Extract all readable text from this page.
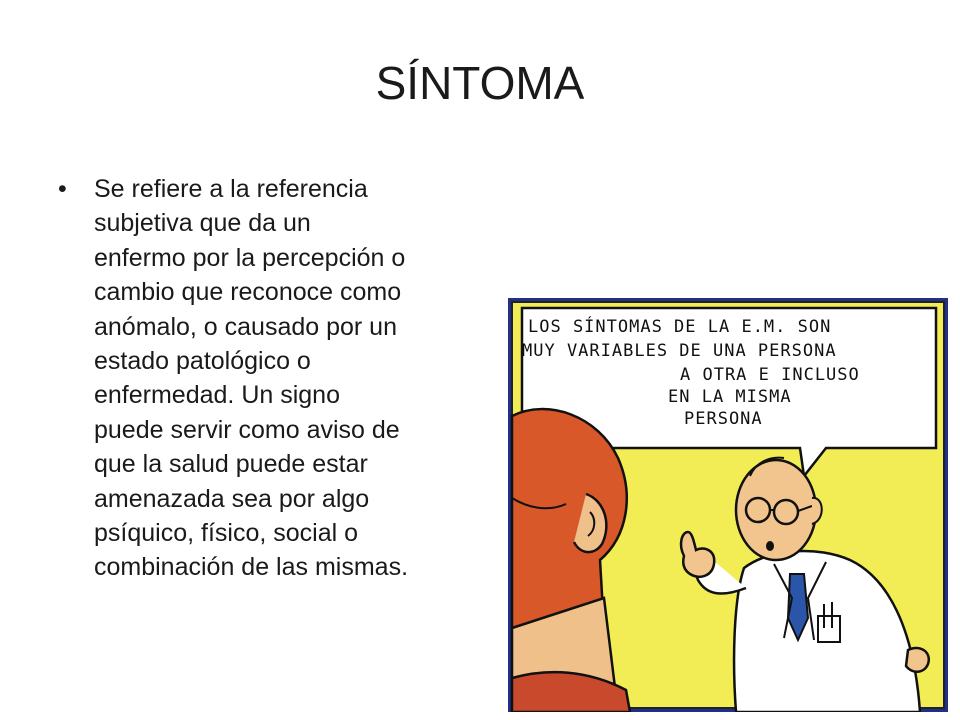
SÍNTOMA
• Se refiere a la referencia
subjetiva que da un
enfermo por la percepción o
cambio que reconoce como
anómalo, o causado por un
estado patológico o
enfermedad. Un signo
puede servir como aviso de
que la salud puede estar
amenazada sea por algo
psíquico, físico, social o
combinación de las mismas.
LOS SÍNTOMAS DE LA E.M. SON
MUY VARIABLES DE UNA PERSONA
A OTRA E INCLUSO
EN LA MISMA
PERSONA
